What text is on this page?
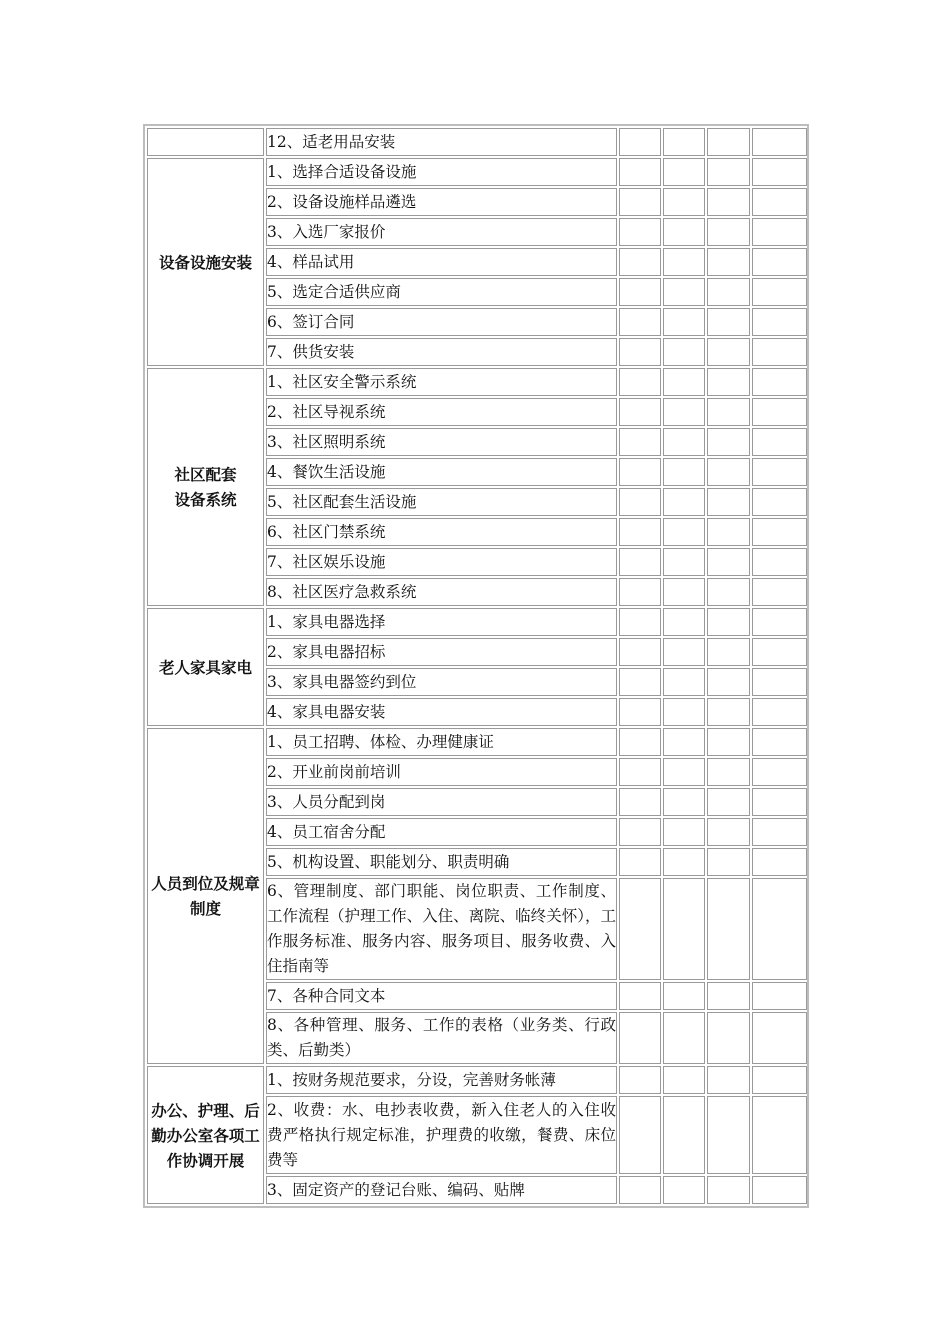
	12、适老用品安装				

设备设施安装	1、选择合适设备设施				

	2、设备设施样品遴选				

	3、入选厂家报价				

	4、样品试用				

	5、选定合适供应商				

	6、签订合同				

	7、供货安装				

社区配套
设备系统	1、社区安全警示系统				

	2、社区导视系统				

	3、社区照明系统				

	4、餐饮生活设施				

	5、社区配套生活设施				

	6、社区门禁系统				

	7、社区娱乐设施				

	8、社区医疗急救系统				

老人家具家电	1、家具电器选择				

	2、家具电器招标				

	3、家具电器签约到位				

	4、家具电器安装				

人员到位及规章制度	1、员工招聘、体检、办理健康证				

	2、开业前岗前培训				

	3、人员分配到岗				

	4、员工宿舍分配				

	5、机构设置、职能划分、职责明确				

	6、管理制度、部门职能、岗位职责、工作制度、工作流程（护理工作、入住、离院、临终关怀），工作服务标准、服务内容、服务项目、服务收费、入住指南等				

	7、各种合同文本				

	8、各种管理、服务、工作的表格（业务类、行政类、后勤类）				

办公、护理、后勤办公室各项工作协调开展	1、按财务规范要求，分设，完善财务帐薄				

	2、收费：水、电抄表收费，新入住老人的入住收费严格执行规定标准，护理费的收缴，餐费、床位费等				

	3、固定资产的登记台账、编码、贴牌				
